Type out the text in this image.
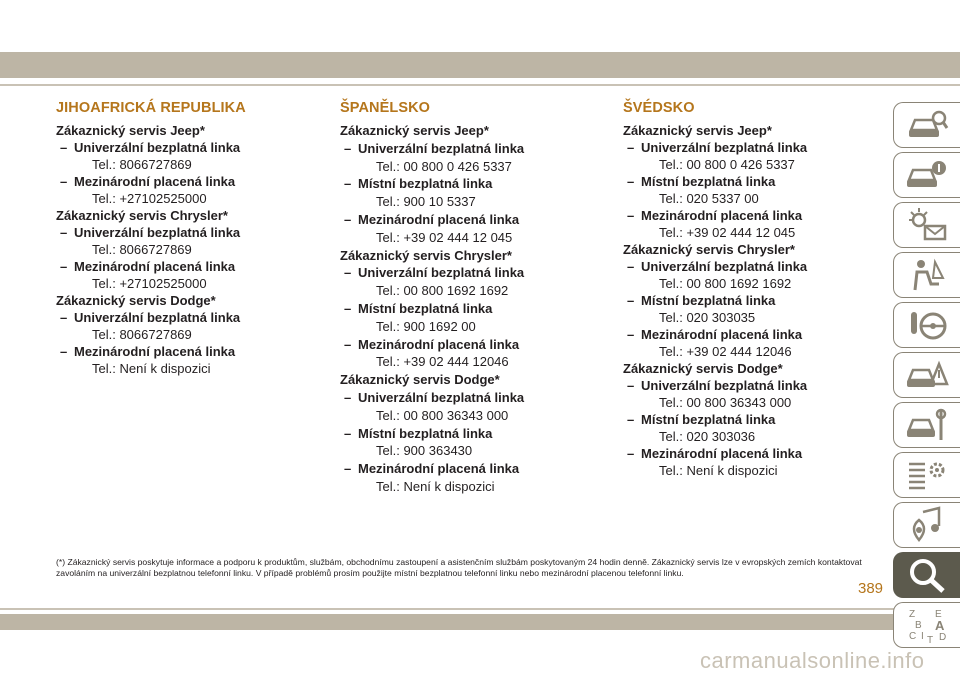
JIHOAFRICKÁ REPUBLIKA
Zákaznický servis Jeep*
– Univerzální bezplatná linka
Tel.: 8066727869
– Mezinárodní placená linka
Tel.: +27102525000
Zákaznický servis Chrysler*
– Univerzální bezplatná linka
Tel.: 8066727869
– Mezinárodní placená linka
Tel.: +27102525000
Zákaznický servis Dodge*
– Univerzální bezplatná linka
Tel.: 8066727869
– Mezinárodní placená linka
Tel.: Není k dispozici
ŠPANĚLSKO
Zákaznický servis Jeep*
– Univerzální bezplatná linka
Tel.: 00 800 0 426 5337
– Místní bezplatná linka
Tel.: 900 10 5337
– Mezinárodní placená linka
Tel.: +39 02 444 12 045
Zákaznický servis Chrysler*
– Univerzální bezplatná linka
Tel.: 00 800 1692 1692
– Místní bezplatná linka
Tel.: 900 1692 00
– Mezinárodní placená linka
Tel.: +39 02 444 12046
Zákaznický servis Dodge*
– Univerzální bezplatná linka
Tel.: 00 800 36343 000
– Místní bezplatná linka
Tel.: 900 363430
– Mezinárodní placená linka
Tel.: Není k dispozici
ŠVÉDSKO
Zákaznický servis Jeep*
– Univerzální bezplatná linka
Tel.: 00 800 0 426 5337
– Místní bezplatná linka
Tel.: 020 5337 00
– Mezinárodní placená linka
Tel.: +39 02 444 12 045
Zákaznický servis Chrysler*
– Univerzální bezplatná linka
Tel.: 00 800 1692 1692
– Místní bezplatná linka
Tel.: 020 303035
– Mezinárodní placená linka
Tel.: +39 02 444 12046
Zákaznický servis Dodge*
– Univerzální bezplatná linka
Tel.: 00 800 36343 000
– Místní bezplatná linka
Tel.: 020 303036
– Mezinárodní placená linka
Tel.: Není k dispozici
(*) Zákaznický servis poskytuje informace a podporu k produktům, službám, obchodnímu zastoupení a asistenčním službám poskytovaným 24 hodin denně. Zákaznický servis lze v evropských zemích kontaktovat zavoláním na univerzální bezplatnou telefonní linku. V případě problémů prosím použijte místní bezplatnou telefonní linku nebo mezinárodní placenou telefonní linku.
389
Z E
B A
C D
I T
carmanualsonline.info
